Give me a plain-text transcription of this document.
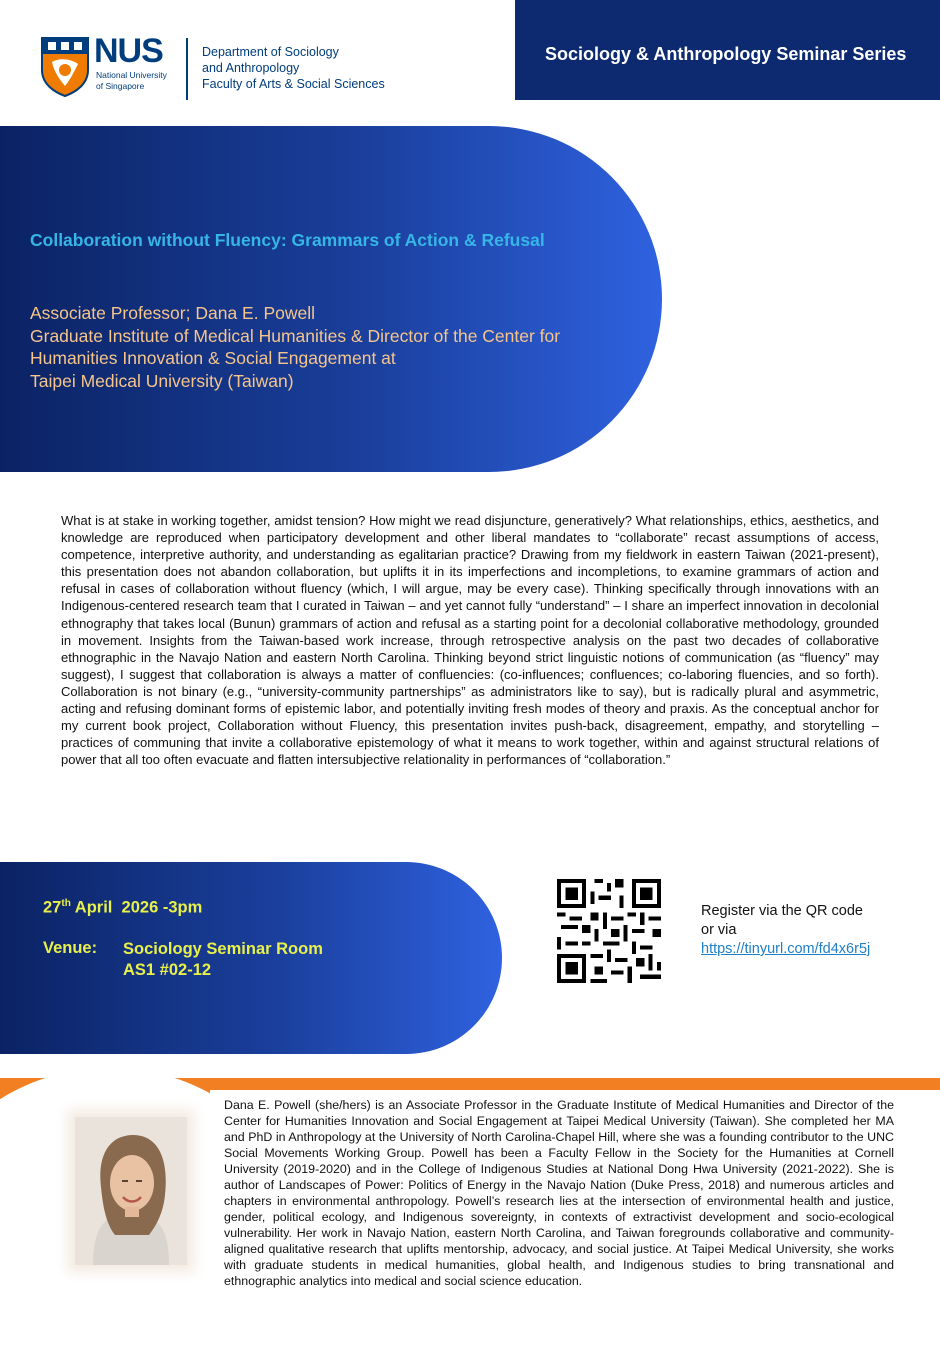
NUS
National University
of Singapore
Department of Sociology
and Anthropology
Faculty of Arts & Social Sciences
Sociology & Anthropology Seminar Series
Collaboration without Fluency: Grammars of Action & Refusal
Associate Professor; Dana E. Powell
Graduate Institute of Medical Humanities & Director of the Center for
Humanities Innovation & Social Engagement at
Taipei Medical University (Taiwan)
What is at stake in working together, amidst tension? How might we read disjuncture, generatively? What relationships, ethics, aesthetics, and knowledge are reproduced when participatory development and other liberal mandates to “collaborate” recast assumptions of access, competence, interpretive authority, and understanding as egalitarian practice? Drawing from my fieldwork in eastern Taiwan (2021-present), this presentation does not abandon collaboration, but uplifts it in its imperfections and incompletions, to examine grammars of action and refusal in cases of collaboration without fluency (which, I will argue, may be every case). Thinking specifically through innovations with an Indigenous-centered research team that I curated in Taiwan – and yet cannot fully “understand” – I share an imperfect innovation in decolonial ethnography that takes local (Bunun) grammars of action and refusal as a starting point for a decolonial collaborative methodology, grounded in movement. Insights from the Taiwan-based work increase, through retrospective analysis on the past two decades of collaborative ethnographic in the Navajo Nation and eastern North Carolina. Thinking beyond strict linguistic notions of communication (as “fluency” may suggest), I suggest that collaboration is always a matter of confluencies: (co-influences; confluences; co-laboring fluencies, and so forth). Collaboration is not binary (e.g., “university-community partnerships” as administrators like to say), but is radically plural and asymmetric, acting and refusing dominant forms of epistemic labor, and potentially inviting fresh modes of theory and praxis. As the conceptual anchor for my current book project, Collaboration without Fluency, this presentation invites push-back, disagreement, empathy, and storytelling – practices of communing that invite a collaborative epistemology of what it means to work together, within and against structural relations of power that all too often evacuate and flatten intersubjective relationality in performances of “collaboration.”
27th April  2026 -3pm
Venue: Sociology Seminar Room
AS1 #02-12
Register via the QR code
or via
https://tinyurl.com/fd4x6r5j
Dana E. Powell (she/hers) is an Associate Professor in the Graduate Institute of Medical Humanities and Director of the Center for Humanities Innovation and Social Engagement at Taipei Medical University (Taiwan). She completed her MA and PhD in Anthropology at the University of North Carolina-Chapel Hill, where she was a founding contributor to the UNC Social Movements Working Group. Powell has been a Faculty Fellow in the Society for the Humanities at Cornell University (2019-2020) and in the College of Indigenous Studies at National Dong Hwa University (2021-2022). She is author of Landscapes of Power: Politics of Energy in the Navajo Nation (Duke Press, 2018) and numerous articles and chapters in environmental anthropology. Powell’s research lies at the intersection of environmental health and justice, gender, political ecology, and Indigenous sovereignty, in contexts of extractivist development and socio-ecological vulnerability. Her work in Navajo Nation, eastern North Carolina, and Taiwan foregrounds collaborative and community-aligned qualitative research that uplifts mentorship, advocacy, and social justice. At Taipei Medical University, she works with graduate students in medical humanities, global health, and Indigenous studies to bring transnational and ethnographic analytics into medical and social science education.
